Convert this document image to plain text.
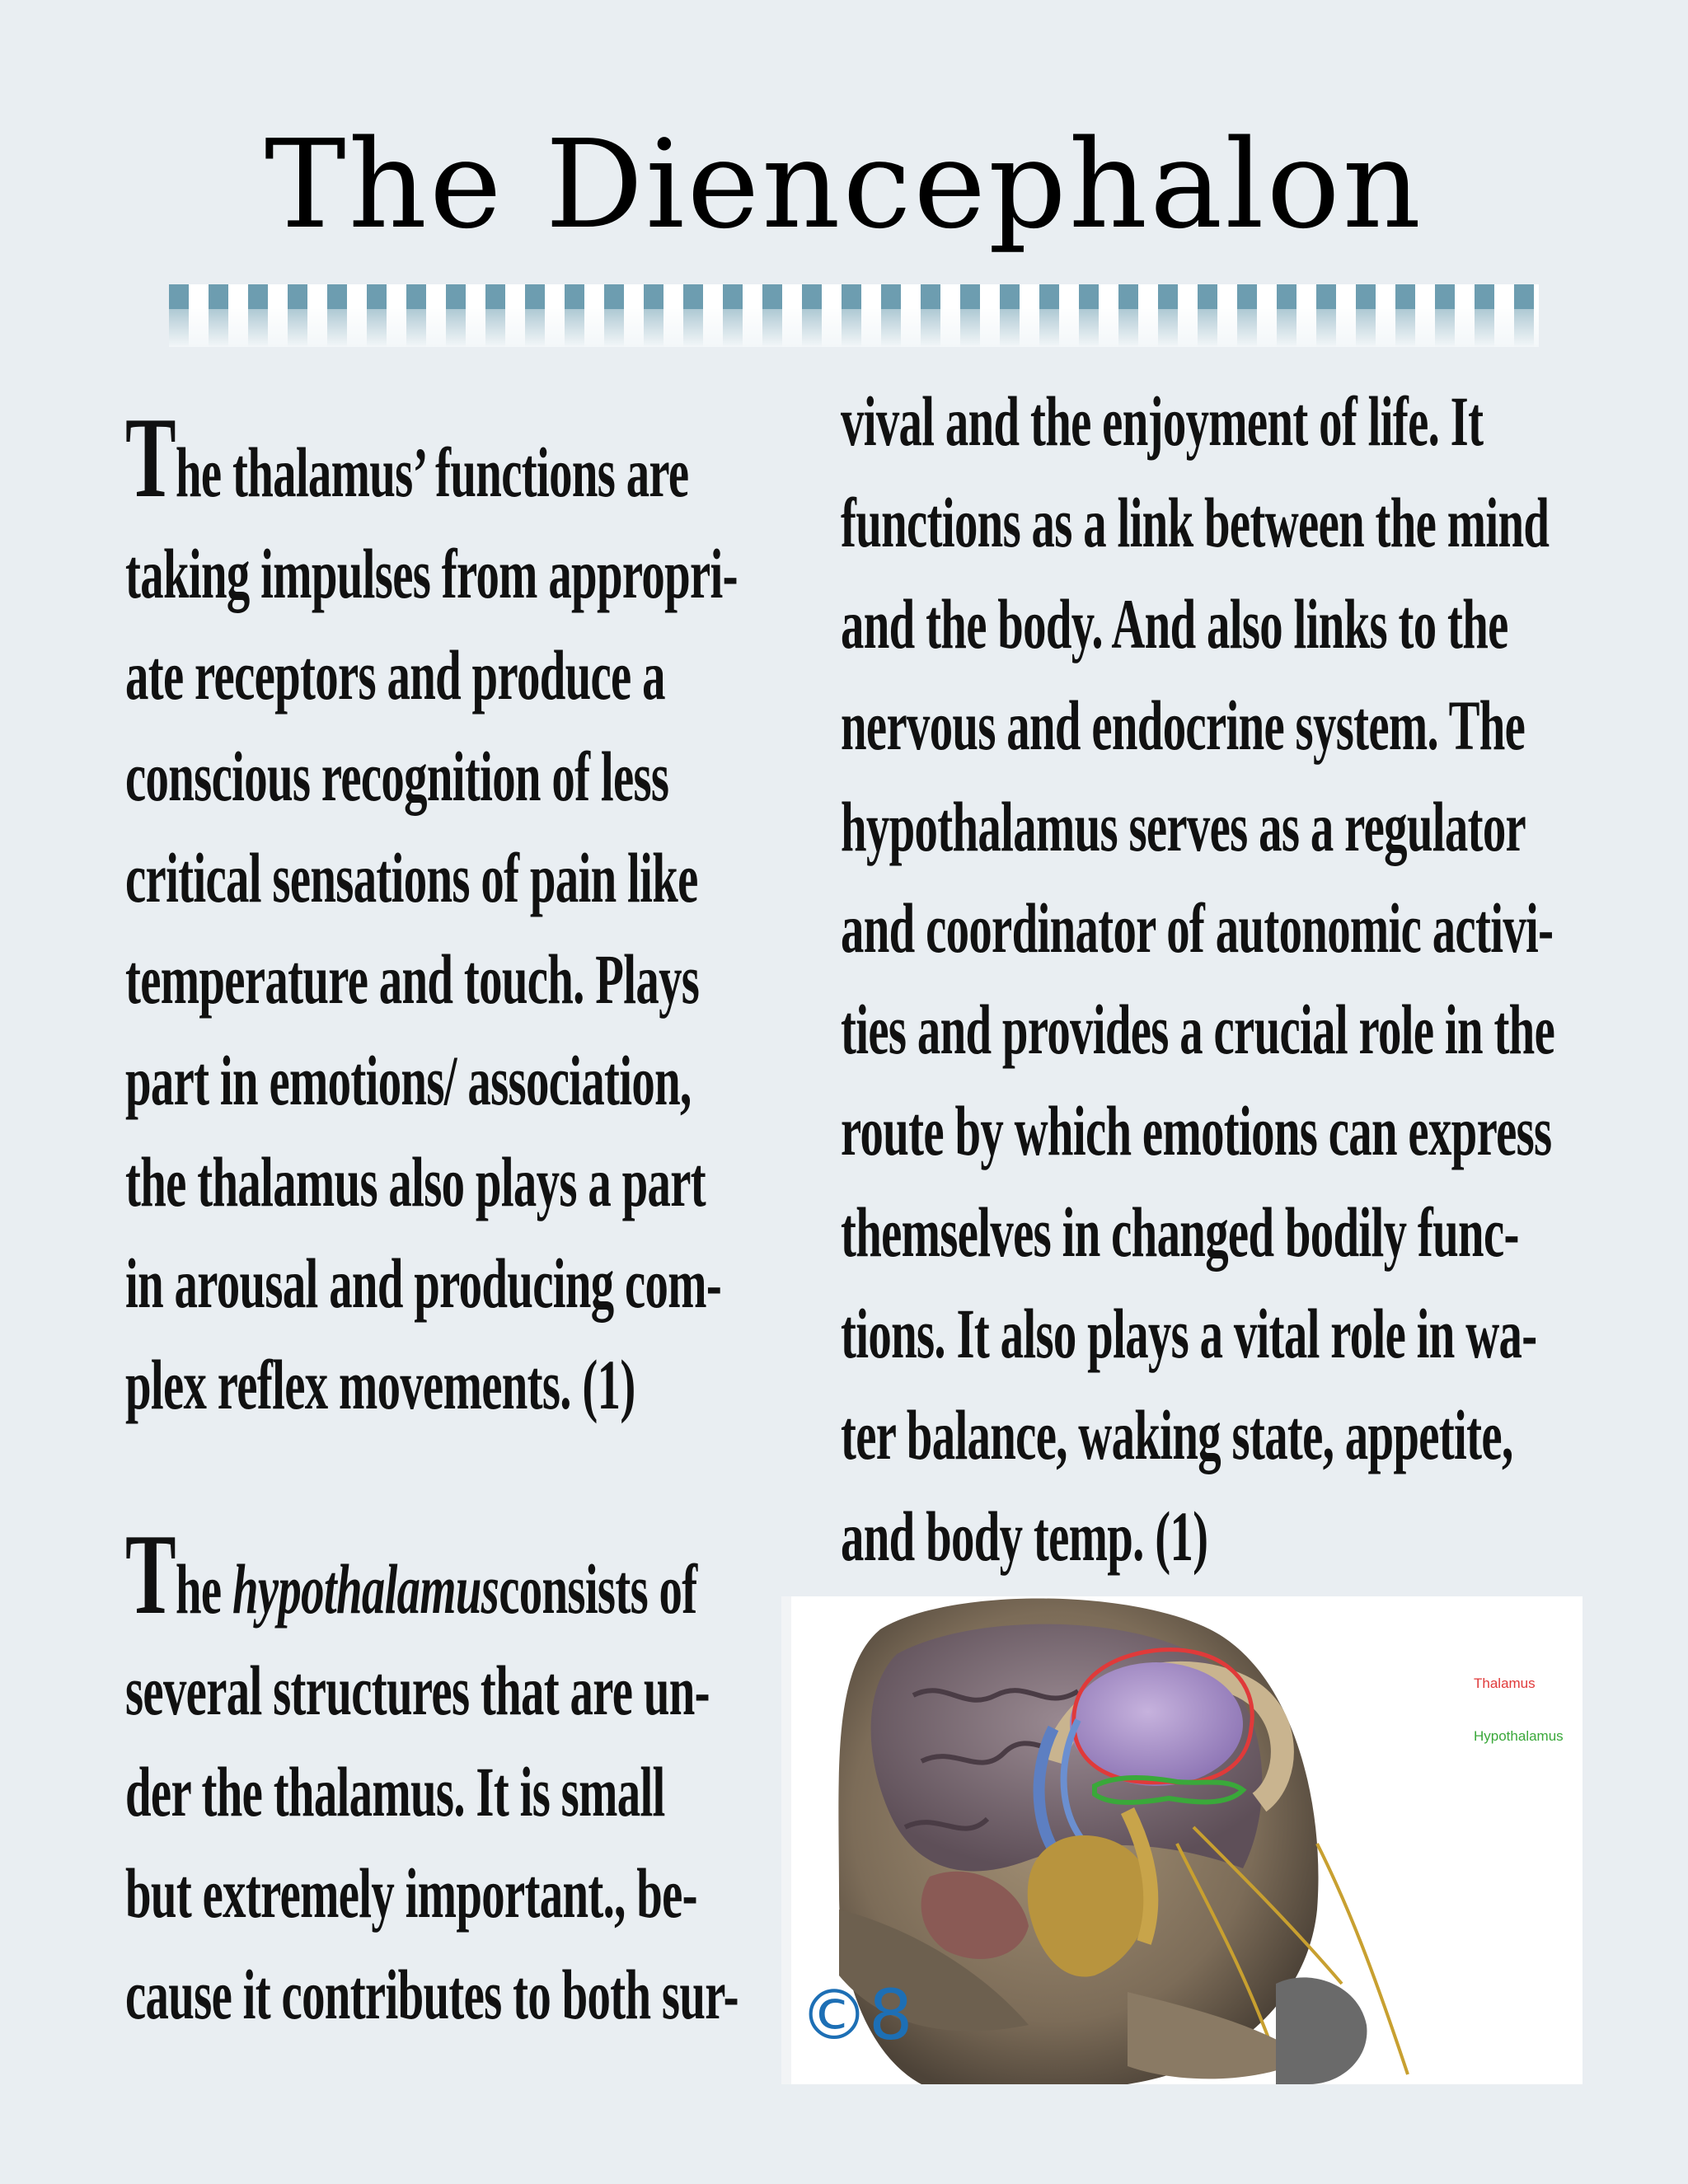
The Diencephalon
The thalamus’ functions are
taking impulses from appropri-
ate receptors and produce a
conscious recognition of less
critical sensations of pain like
temperature and touch. Plays
part in emotions/ association,
the thalamus also plays a part
in arousal and producing com-
plex reflex movements. (1)
The hypothalamusconsists of
several structures that are un-
der the thalamus. It is small
but extremely important., be-
cause it contributes to both sur-
vival and the enjoyment of life. It
functions as a link between the mind
and the body. And also links to the
nervous and endocrine system. The
hypothalamus serves as a regulator
and coordinator of autonomic activi-
ties and provides a crucial role in the
route by which emotions can express
themselves in changed bodily func-
tions. It also plays a vital role in wa-
ter balance, waking state, appetite,
and body temp. (1)
Thalamus
Hypothalamus
©8
